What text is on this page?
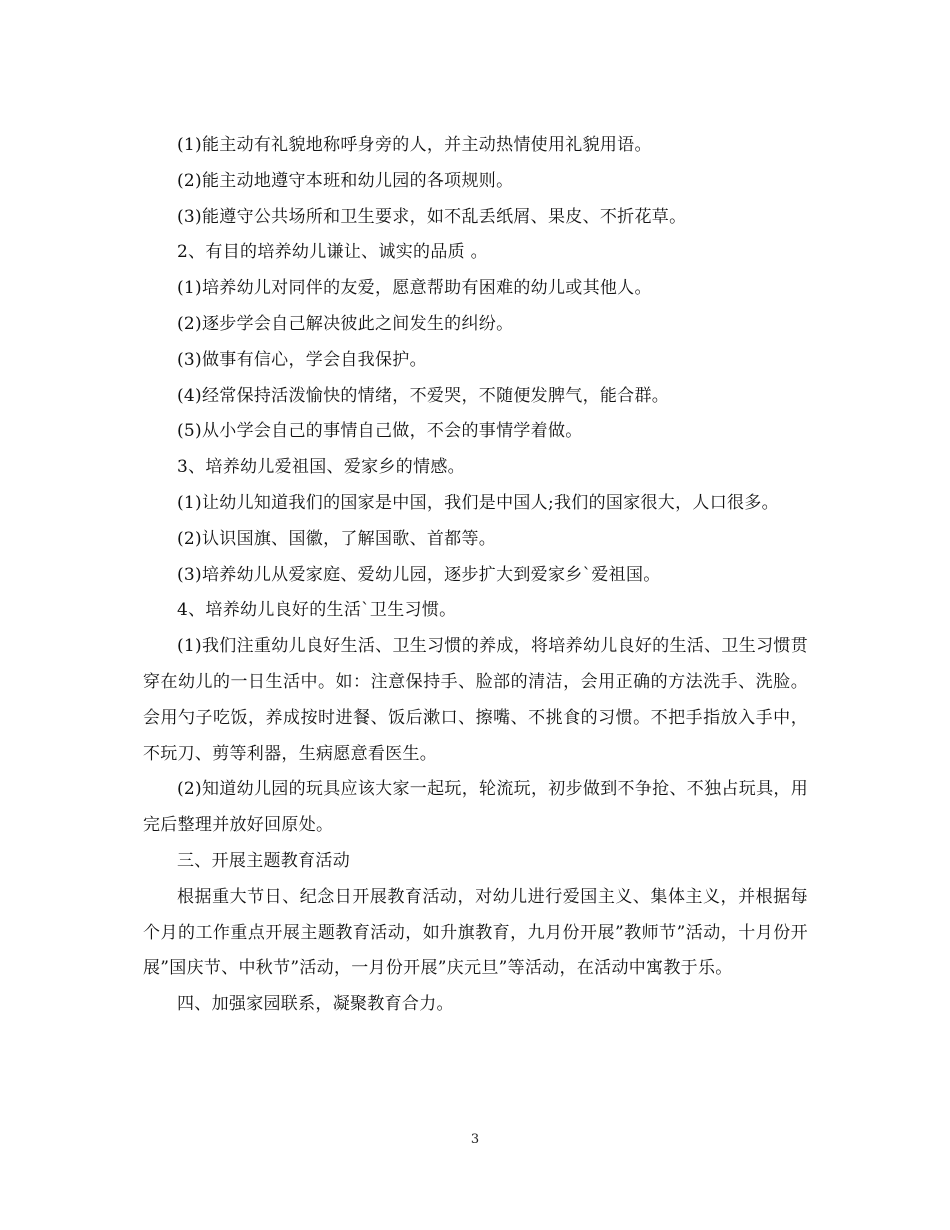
(1)能主动有礼貌地称呼身旁的人，并主动热情使用礼貌用语。

(2)能主动地遵守本班和幼儿园的各项规则。

(3)能遵守公共场所和卫生要求，如不乱丢纸屑、果皮、不折花草。

2、有目的培养幼儿谦让、诚实的品质 。

(1)培养幼儿对同伴的友爱，愿意帮助有困难的幼儿或其他人。

(2)逐步学会自己解决彼此之间发生的纠纷。

(3)做事有信心，学会自我保护。

(4)经常保持活泼愉快的情绪，不爱哭，不随便发脾气，能合群。

(5)从小学会自己的事情自己做，不会的事情学着做。

3、培养幼儿爱祖国、爱家乡的情感。

(1)让幼儿知道我们的国家是中国，我们是中国人;我们的国家很大，人口很多。

(2)认识国旗、国徽，了解国歌、首都等。

(3)培养幼儿从爱家庭、爱幼儿园，逐步扩大到爱家乡`爱祖国。

4、培养幼儿良好的生活`卫生习惯。

(1)我们注重幼儿良好生活、卫生习惯的养成，将培养幼儿良好的生活、卫生习惯贯穿在幼儿的一日生活中。如：注意保持手、脸部的清洁，会用正确的方法洗手、洗脸。会用勺子吃饭，养成按时进餐、饭后漱口、擦嘴、不挑食的习惯。不把手指放入手中，不玩刀、剪等利器，生病愿意看医生。

(2)知道幼儿园的玩具应该大家一起玩，轮流玩，初步做到不争抢、不独占玩具，用完后整理并放好回原处。

三、开展主题教育活动

根据重大节日、纪念日开展教育活动，对幼儿进行爱国主义、集体主义，并根据每个月的工作重点开展主题教育活动，如升旗教育，九月份开展”教师节”活动，十月份开展”国庆节、中秋节”活动，一月份开展”庆元旦”等活动，在活动中寓教于乐。

四、加强家园联系，凝聚教育合力。

3
